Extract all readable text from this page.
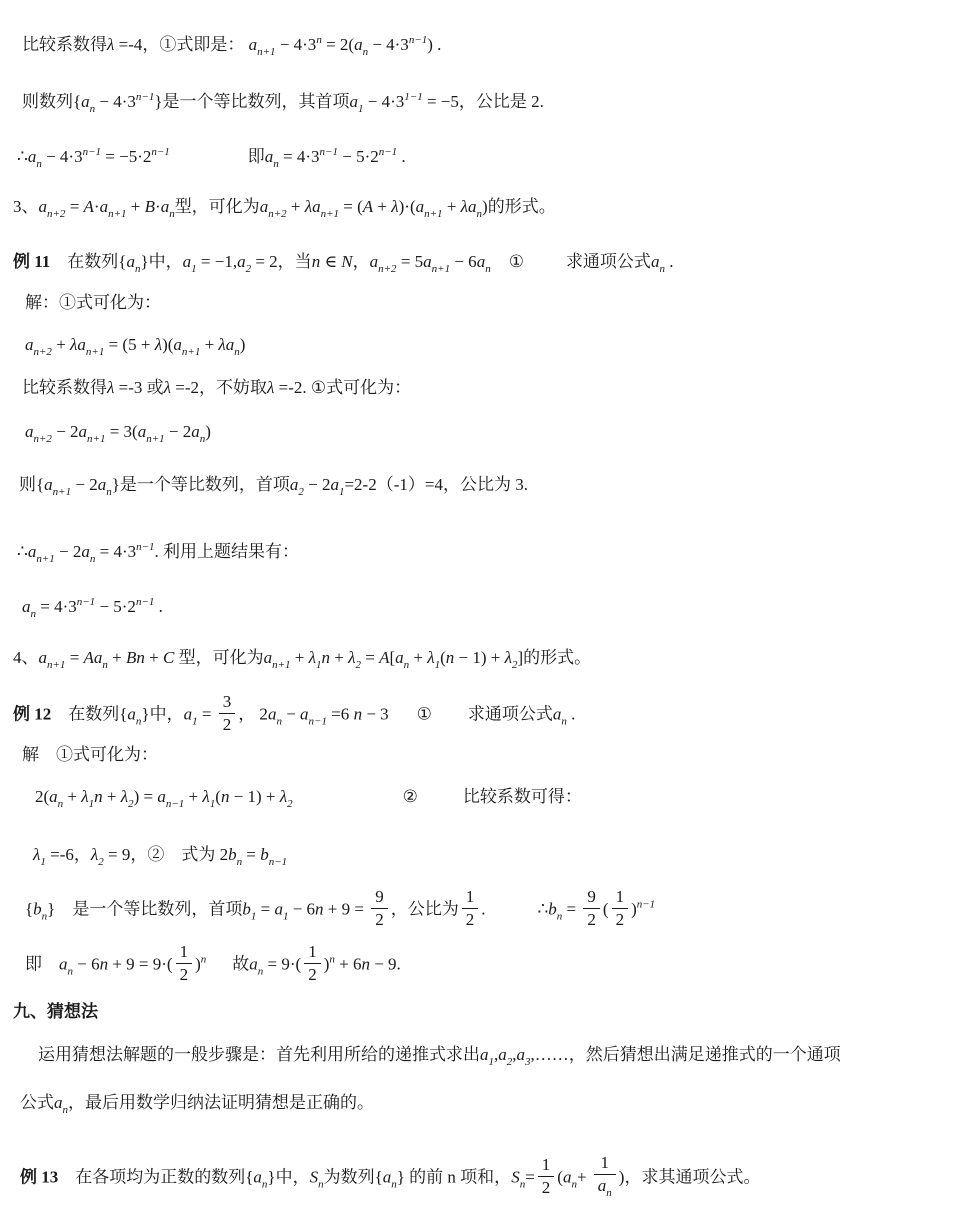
比较系数得λ =-4，①式即是： $a_{n+1} - 4\cdot 3^n = 2(a_n - 4\cdot 3^{n-1})$ .
则数列$\{a_n - 4\cdot 3^{n-1}\}$是一个等比数列，其首项$a_1 - 4\cdot 3^{1-1} = -5$，公比是 2.
$\therefore a_n - 4\cdot 3^{n-1} = -5\cdot 2^{n-1}$	即$a_n = 4\cdot 3^{n-1} - 5\cdot 2^{n-1}$ .
3、$a_{n+2} = A\cdot a_{n+1} + B\cdot a_n$型，可化为$a_{n+2} + \lambda a_{n+1} = (A + \lambda)\cdot(a_{n+1} + \lambda a_n)$的形式。
例 11　在数列$\{a_n\}$中，$a_1 = -1,a_2 = 2$，当n ∈ N，$a_{n+2} = 5a_{n+1} - 6a_n$ ① 求通项公式$a_n$ .
解：①式可化为：
$a_{n+2} + \lambda a_{n+1} = (5 + \lambda)(a_{n+1} + \lambda a_n)$
比较系数得λ =-3 或λ =-2，不妨取λ =-2. ①式可化为：
$a_{n+2} - 2a_{n+1} = 3(a_{n+1} - 2a_n)$
则$\{a_{n+1} - 2a_n\}$是一个等比数列，首项$a_2 - 2a_1=2-2(-1)=4$，公比为 3.
$\therefore a_{n+1} - 2a_n = 4\cdot 3^{n-1}$. 利用上题结果有：
$a_n = 4\cdot 3^{n-1} - 5\cdot 2^{n-1}$ .
4、$a_{n+1} = Aa_n + Bn + C$ 型，可化为$a_{n+1} + \lambda_1n + \lambda_2 = A[a_n + \lambda_1(n - 1) + \lambda_2]$的形式。
例 12　在数列$\{a_n\}$中，$a_1 = \frac{3}{2}$ ， $2a_n - a_{n-1} =6$ n − 3 ① 求通项公式$a_n$ .
解　①式可化为：
$2(a_n + \lambda_1n + \lambda_2) = a_{n-1} + \lambda_1(n - 1) + \lambda_2$	②	比较系数可得：
$\lambda_1 =-6$，$\lambda_2 = 9$，②　式为 $2b_n = b_{n-1}$
$\{b_n\}$　是一个等比数列，首项$b_1 = a_1 - 6n + 9 = \frac{9}{2}$ ，公比为 $\frac{1}{2}$ .	$\therefore b_n = \frac{9}{2}$ ( $\frac{1}{2} )^{n-1}$
即　$a_n - 6n + 9 = 9\cdot( \frac{1}{2} )^n$ 故$a_n = 9\cdot( \frac{1}{2} )^n + 6n - 9$.
九、猜想法
运用猜想法解题的一般步骤是：首先利用所给的递推式求出$a_1,a_2,a_3,\dots\dots$，然后猜想出满足递推式的一个通项
公式$a_n$，最后用数学归纳法证明猜想是正确的。
例 13　在各项均为正数的数列$\{a_n\}$中，$S_n$为数列$\{a_n\}$ 的前 n 项和，$S_n= \frac{1}{2} (a_n+ \frac{1}{a_n}$ )，求其通项公式。
